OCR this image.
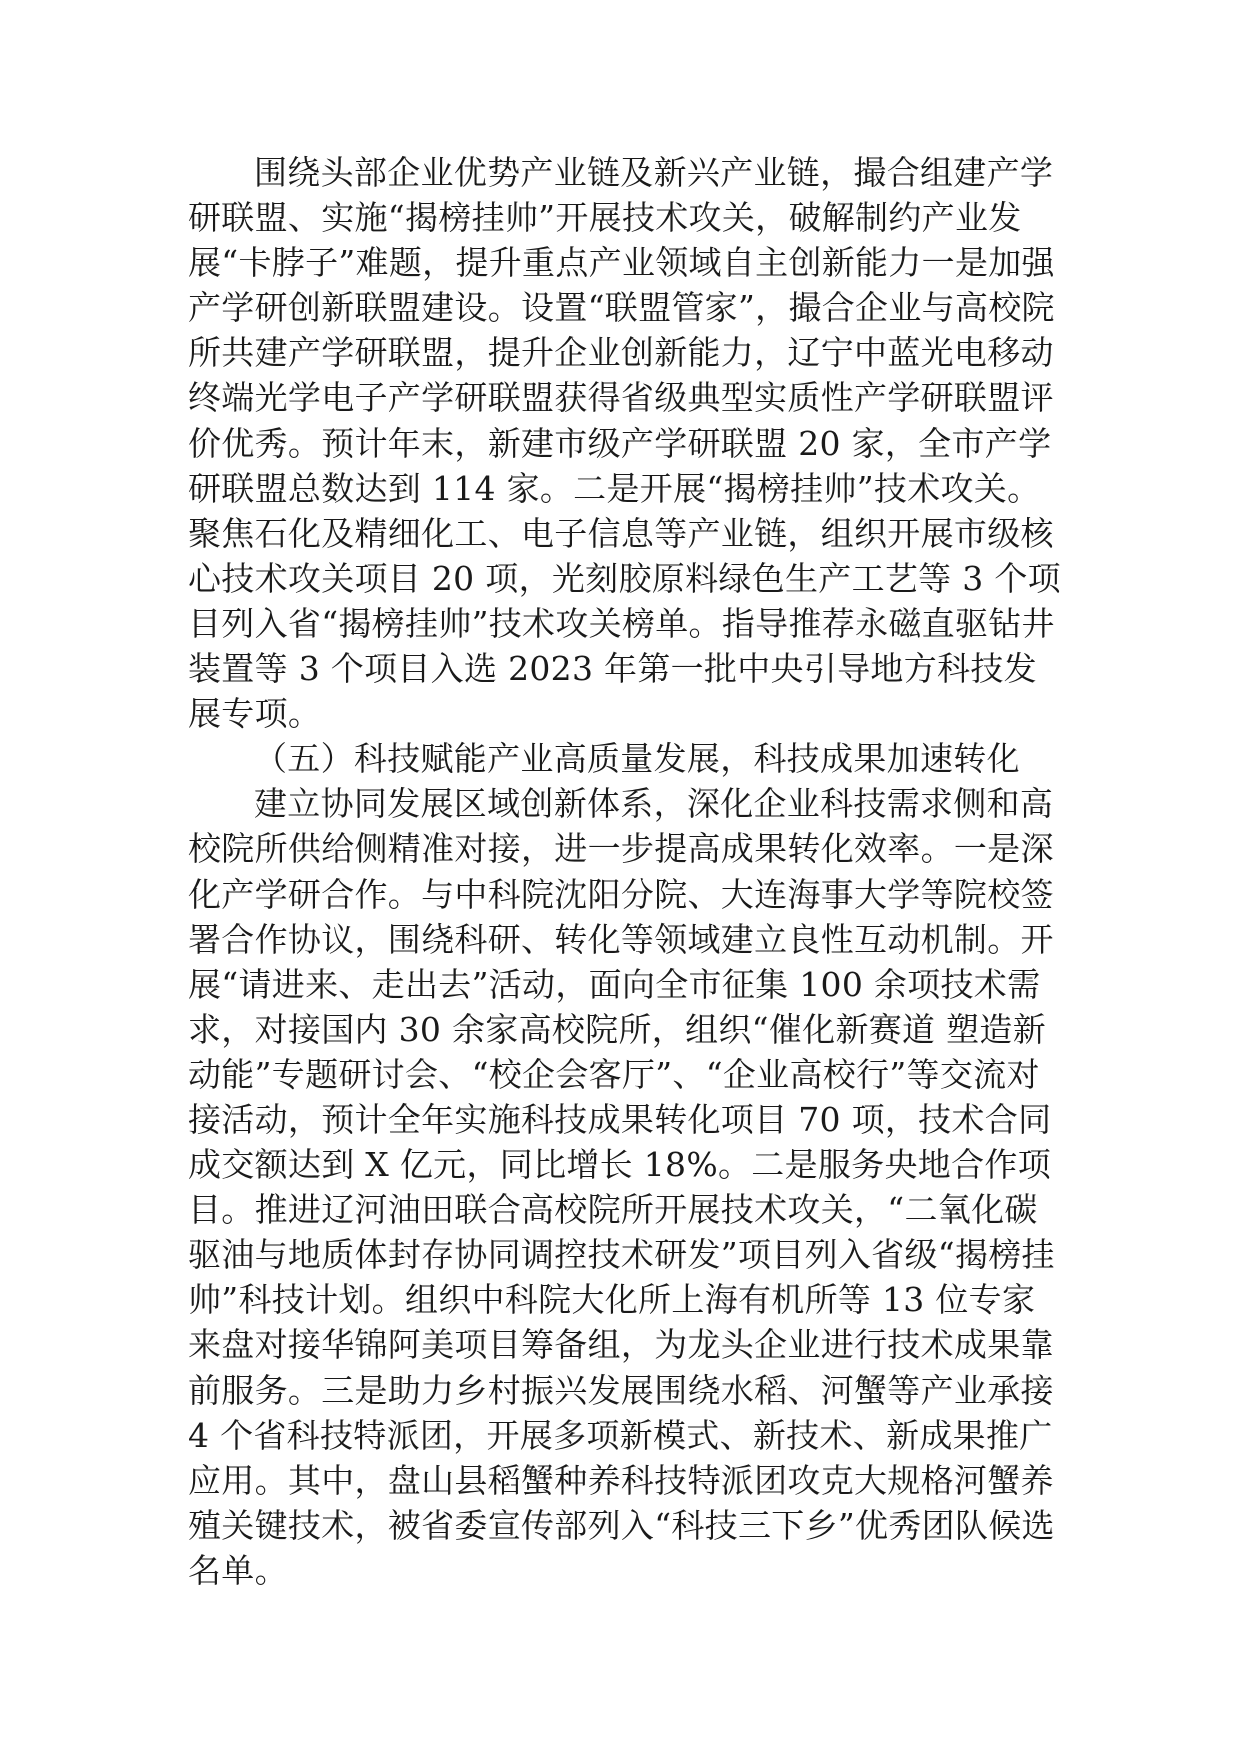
围绕头部企业优势产业链及新兴产业链，撮合组建产学研联盟、实施“揭榜挂帅”开展技术攻关，破解制约产业发展“卡脖子”难题，提升重点产业领域自主创新能力一是加强产学研创新联盟建设。设置“联盟管家”，撮合企业与高校院所共建产学研联盟，提升企业创新能力，辽宁中蓝光电移动终端光学电子产学研联盟获得省级典型实质性产学研联盟评价优秀。预计年末，新建市级产学研联盟 20 家，全市产学研联盟总数达到 114 家。二是开展“揭榜挂帅”技术攻关。聚焦石化及精细化工、电子信息等产业链，组织开展市级核心技术攻关项目 20 项，光刻胶原料绿色生产工艺等 3 个项目列入省“揭榜挂帅”技术攻关榜单。指导推荐永磁直驱钻井装置等 3 个项目入选 2023 年第一批中央引导地方科技发展专项。

（五）科技赋能产业高质量发展，科技成果加速转化

建立协同发展区域创新体系，深化企业科技需求侧和高校院所供给侧精准对接，进一步提高成果转化效率。一是深化产学研合作。与中科院沈阳分院、大连海事大学等院校签署合作协议，围绕科研、转化等领域建立良性互动机制。开展“请进来、走出去”活动，面向全市征集 100 余项技术需求，对接国内 30 余家高校院所，组织“催化新赛道 塑造新动能”专题研讨会、“校企会客厅”、“企业高校行”等交流对接活动，预计全年实施科技成果转化项目 70 项，技术合同成交额达到 X 亿元，同比增长 18%。二是服务央地合作项目。推进辽河油田联合高校院所开展技术攻关，“二氧化碳驱油与地质体封存协同调控技术研发”项目列入省级“揭榜挂帅”科技计划。组织中科院大化所上海有机所等 13 位专家来盘对接华锦阿美项目筹备组，为龙头企业进行技术成果靠前服务。三是助力乡村振兴发展围绕水稻、河蟹等产业承接 4 个省科技特派团，开展多项新模式、新技术、新成果推广应用。其中，盘山县稻蟹种养科技特派团攻克大规格河蟹养殖关键技术，被省委宣传部列入“科技三下乡”优秀团队候选名单。
